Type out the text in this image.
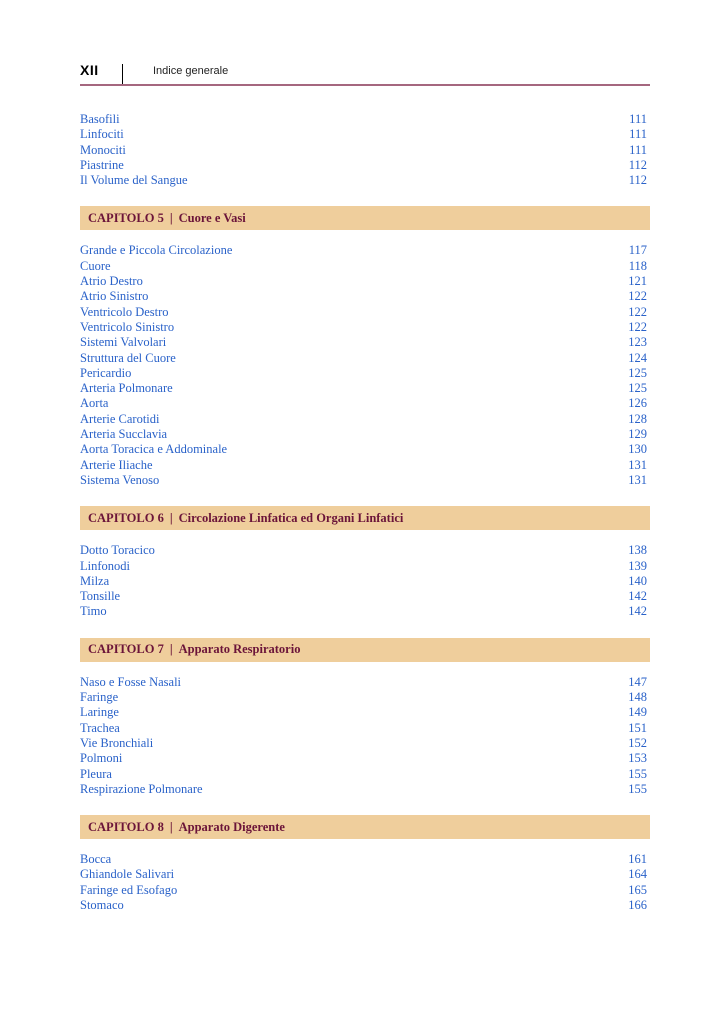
XII	Indice generale
Basofili	111
Linfociti	111
Monociti	111
Piastrine	112
Il Volume del Sangue	112
CAPITOLO 5 | Cuore e Vasi
Grande e Piccola Circolazione	117
Cuore	118
Atrio Destro	121
Atrio Sinistro	122
Ventricolo Destro	122
Ventricolo Sinistro	122
Sistemi Valvolari	123
Struttura del Cuore	124
Pericardio	125
Arteria Polmonare	125
Aorta	126
Arterie Carotidi	128
Arteria Succlavia	129
Aorta Toracica e Addominale	130
Arterie Iliache	131
Sistema Venoso	131
CAPITOLO 6 | Circolazione Linfatica ed Organi Linfatici
Dotto Toracico	138
Linfonodi	139
Milza	140
Tonsille	142
Timo	142
CAPITOLO 7 | Apparato Respiratorio
Naso e Fosse Nasali	147
Faringe	148
Laringe	149
Trachea	151
Vie Bronchiali	152
Polmoni	153
Pleura	155
Respirazione Polmonare	155
CAPITOLO 8 | Apparato Digerente
Bocca	161
Ghiandole Salivari	164
Faringe ed Esofago	165
Stomaco	166
